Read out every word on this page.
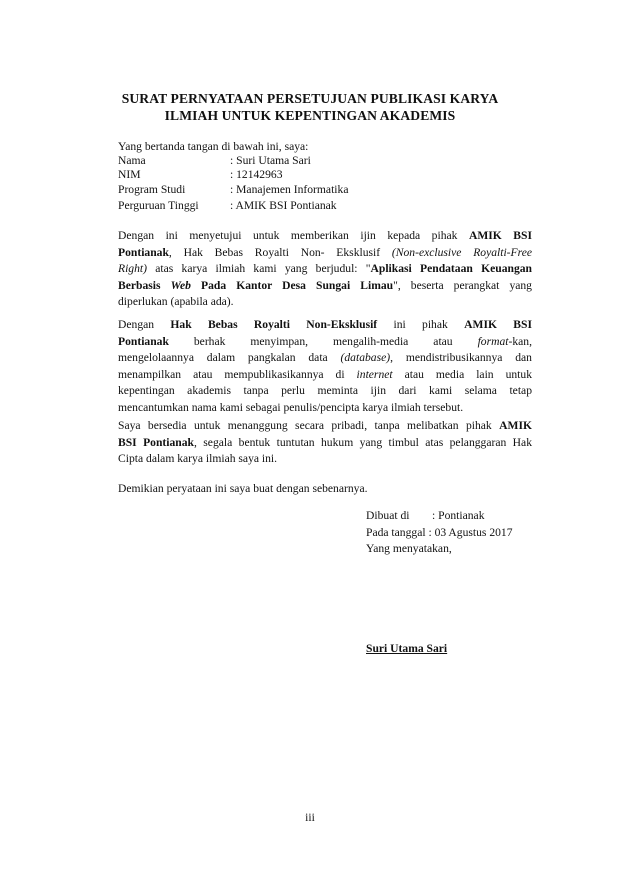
SURAT PERNYATAAN PERSETUJUAN PUBLIKASI KARYA
ILMIAH UNTUK KEPENTINGAN AKADEMIS
Yang bertanda tangan di bawah ini, saya:
Nama	: Suri Utama Sari
NIM	: 12142963
Program Studi	: Manajemen Informatika
Perguruan Tinggi	: AMIK BSI Pontianak
Dengan ini menyetujui untuk memberikan ijin kepada pihak AMIK BSI
Pontianak, Hak Bebas Royalti Non- Eksklusif (Non-exclusive Royalti-Free
Right) atas karya ilmiah kami yang berjudul: "Aplikasi Pendataan Keuangan
Berbasis Web Pada Kantor Desa Sungai Limau", beserta perangkat yang
diperlukan (apabila ada).
Dengan Hak Bebas Royalti Non-Eksklusif ini pihak AMIK BSI
Pontianak berhak menyimpan, mengalih-media atau format-kan,
mengelolaannya dalam pangkalan data (database), mendistribusikannya dan
menampilkan atau mempublikasikannya di internet atau media lain untuk
kepentingan akademis tanpa perlu meminta ijin dari kami selama tetap
mencantumkan nama kami sebagai penulis/pencipta karya ilmiah tersebut.
Saya bersedia untuk menanggung secara pribadi, tanpa melibatkan pihak AMIK
BSI Pontianak, segala bentuk tuntutan hukum yang timbul atas pelanggaran Hak
Cipta dalam karya ilmiah saya ini.
Demikian peryataan ini saya buat dengan sebenarnya.
Dibuat di : Pontianak
Pada tanggal : 03 Agustus 2017
Yang menyatakan,
Suri Utama Sari
iii
